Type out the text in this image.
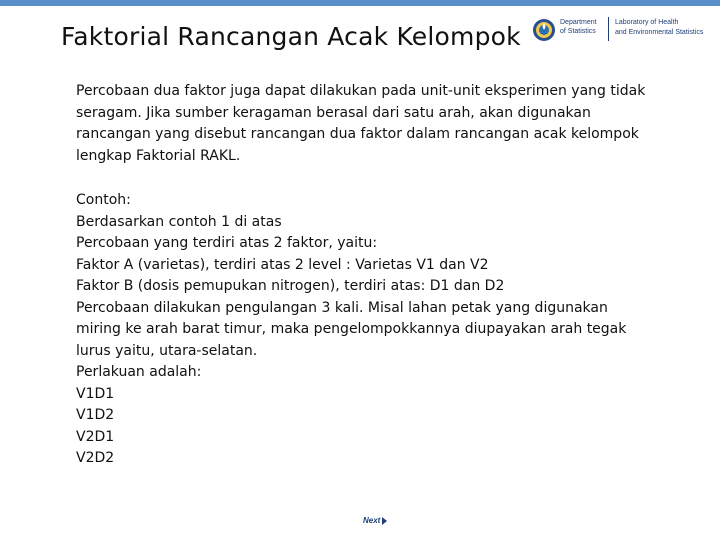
Faktorial Rancangan Acak Kelompok	Department
of Statistics
Laboratory of Health
and Environmental Statistics

Percobaan dua faktor juga dapat dilakukan pada unit-unit eksperimen yang tidak seragam. Jika sumber keragaman berasal dari satu arah, akan digunakan rancangan yang disebut rancangan dua faktor dalam rancangan acak kelompok lengkap Faktorial RAKL.

Contoh:
Berdasarkan contoh 1 di atas
Percobaan yang terdiri atas 2 faktor, yaitu:
Faktor A (varietas), terdiri atas 2 level : Varietas V1 dan V2
Faktor B (dosis pemupukan nitrogen), terdiri atas: D1 dan D2
Percobaan dilakukan pengulangan 3 kali. Misal lahan petak yang digunakan miring ke arah barat timur, maka pengelompokkannya diupayakan arah tegak lurus yaitu, utara-selatan.
Perlakuan adalah:
V1D1
V1D2
V2D1
V2D2
Next
